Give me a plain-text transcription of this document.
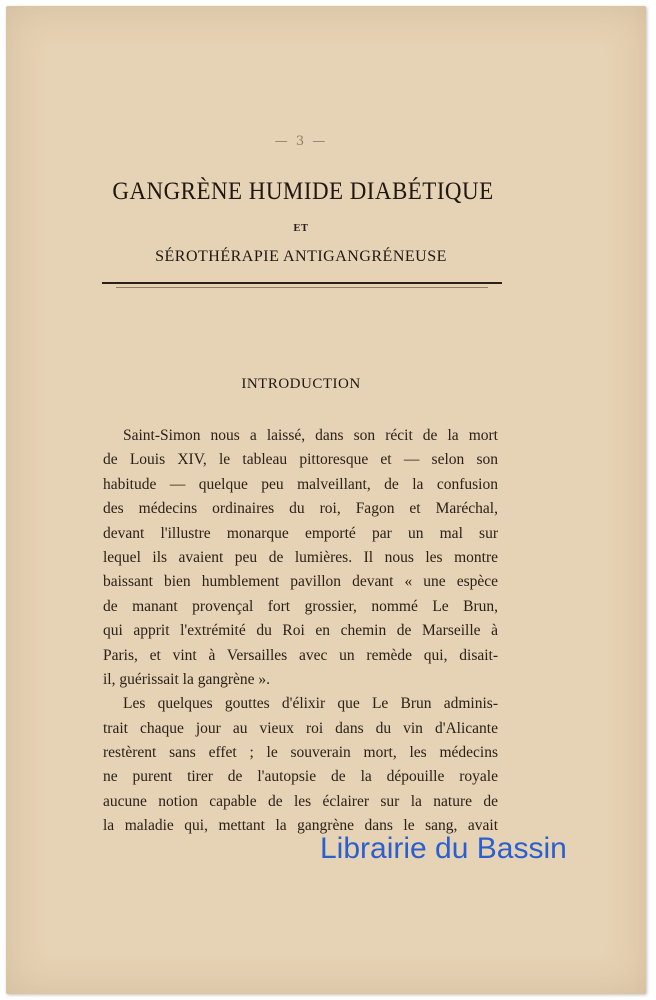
— 3 —
GANGRÈNE HUMIDE DIABÉTIQUE
ET
SÉROTHÉRAPIE ANTIGANGRÉNEUSE
INTRODUCTION
Saint-Simon nous a laissé, dans son récit de la mort
de Louis XIV, le tableau pittoresque et — selon son
habitude — quelque peu malveillant, de la confusion
des médecins ordinaires du roi, Fagon et Maréchal,
devant l'illustre monarque emporté par un mal sur
lequel ils avaient peu de lumières. Il nous les montre
baissant bien humblement pavillon devant « une espèce
de manant provençal fort grossier, nommé Le Brun,
qui apprit l'extrémité du Roi en chemin de Marseille à
Paris, et vint à Versailles avec un remède qui, disait-
il, guérissait la gangrène ».
Les quelques gouttes d'élixir que Le Brun adminis-
trait chaque jour au vieux roi dans du vin d'Alicante
restèrent sans effet ; le souverain mort, les médecins
ne purent tirer de l'autopsie de la dépouille royale
aucune notion capable de les éclairer sur la nature de
la maladie qui, mettant la gangrène dans le sang, avait
Librairie du Bassin
